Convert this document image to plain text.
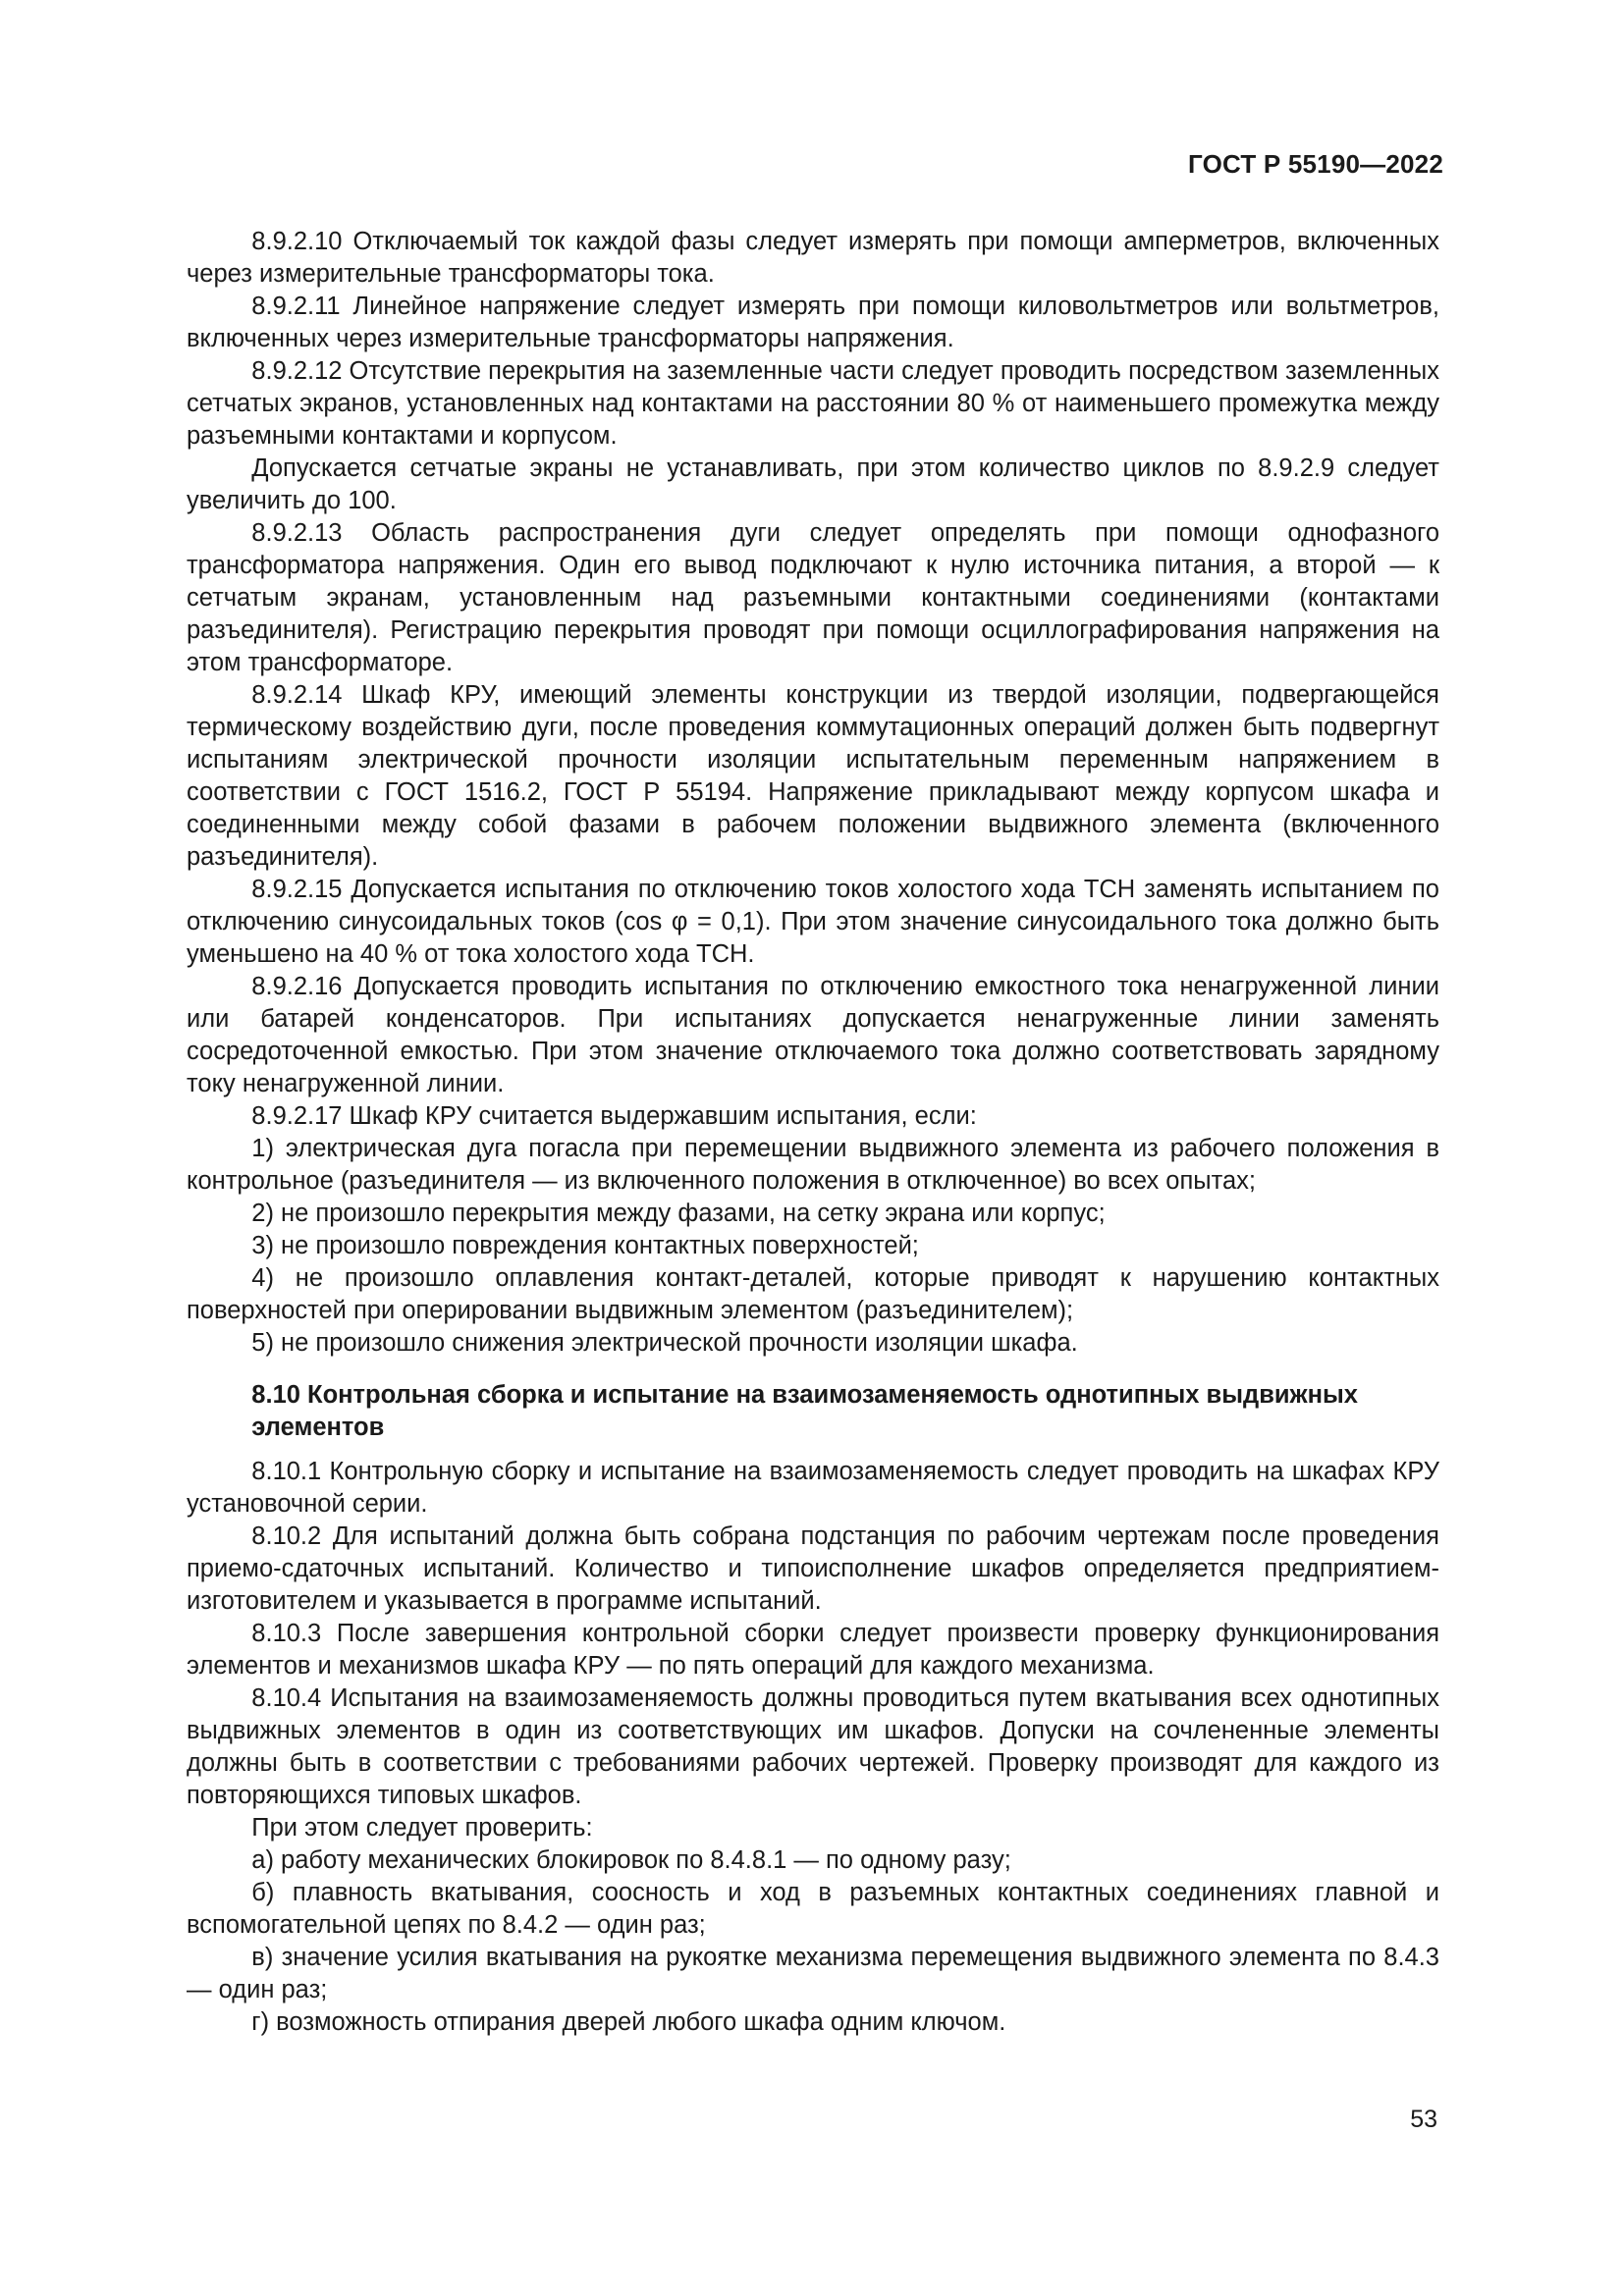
ГОСТ Р 55190—2022

8.9.2.10 Отключаемый ток каждой фазы следует измерять при помощи амперметров, включенных через измерительные трансформаторы тока.

8.9.2.11 Линейное напряжение следует измерять при помощи киловольтметров или вольтметров, включенных через измерительные трансформаторы напряжения.

8.9.2.12 Отсутствие перекрытия на заземленные части следует проводить посредством заземленных сетчатых экранов, установленных над контактами на расстоянии 80 % от наименьшего промежутка между разъемными контактами и корпусом.

Допускается сетчатые экраны не устанавливать, при этом количество циклов по 8.9.2.9 следует увеличить до 100.

8.9.2.13 Область распространения дуги следует определять при помощи однофазного трансформатора напряжения. Один его вывод подключают к нулю источника питания, а второй — к сетчатым экранам, установленным над разъемными контактными соединениями (контактами разъединителя). Регистрацию перекрытия проводят при помощи осциллографирования напряжения на этом трансформаторе.

8.9.2.14 Шкаф КРУ, имеющий элементы конструкции из твердой изоляции, подвергающейся термическому воздействию дуги, после проведения коммутационных операций должен быть подвергнут испытаниям электрической прочности изоляции испытательным переменным напряжением в соответствии с ГОСТ 1516.2, ГОСТ Р 55194. Напряжение прикладывают между корпусом шкафа и соединенными между собой фазами в рабочем положении выдвижного элемента (включенного разъединителя).

8.9.2.15 Допускается испытания по отключению токов холостого хода ТСН заменять испытанием по отключению синусоидальных токов (cos φ = 0,1). При этом значение синусоидального тока должно быть уменьшено на 40 % от тока холостого хода ТСН.

8.9.2.16 Допускается проводить испытания по отключению емкостного тока ненагруженной линии или батарей конденсаторов. При испытаниях допускается ненагруженные линии заменять сосредоточенной емкостью. При этом значение отключаемого тока должно соответствовать зарядному току ненагруженной линии.

8.9.2.17 Шкаф КРУ считается выдержавшим испытания, если:

1) электрическая дуга погасла при перемещении выдвижного элемента из рабочего положения в контрольное (разъединителя — из включенного положения в отключенное) во всех опытах;

2) не произошло перекрытия между фазами, на сетку экрана или корпус;

3) не произошло повреждения контактных поверхностей;

4) не произошло оплавления контакт-деталей, которые приводят к нарушению контактных поверхностей при оперировании выдвижным элементом (разъединителем);

5) не произошло снижения электрической прочности изоляции шкафа.

8.10 Контрольная сборка и испытание на взаимозаменяемость однотипных выдвижных элементов

8.10.1 Контрольную сборку и испытание на взаимозаменяемость следует проводить на шкафах КРУ установочной серии.

8.10.2 Для испытаний должна быть собрана подстанция по рабочим чертежам после проведения приемо-сдаточных испытаний. Количество и типоисполнение шкафов определяется предприятием-изготовителем и указывается в программе испытаний.

8.10.3 После завершения контрольной сборки следует произвести проверку функционирования элементов и механизмов шкафа КРУ — по пять операций для каждого механизма.

8.10.4 Испытания на взаимозаменяемость должны проводиться путем вкатывания всех однотипных выдвижных элементов в один из соответствующих им шкафов. Допуски на сочлененные элементы должны быть в соответствии с требованиями рабочих чертежей. Проверку производят для каждого из повторяющихся типовых шкафов.

При этом следует проверить:

а) работу механических блокировок по 8.4.8.1 — по одному разу;

б) плавность вкатывания, соосность и ход в разъемных контактных соединениях главной и вспомогательной цепях по 8.4.2 — один раз;

в) значение усилия вкатывания на рукоятке механизма перемещения выдвижного элемента по 8.4.3 — один раз;

г) возможность отпирания дверей любого шкафа одним ключом.

53
